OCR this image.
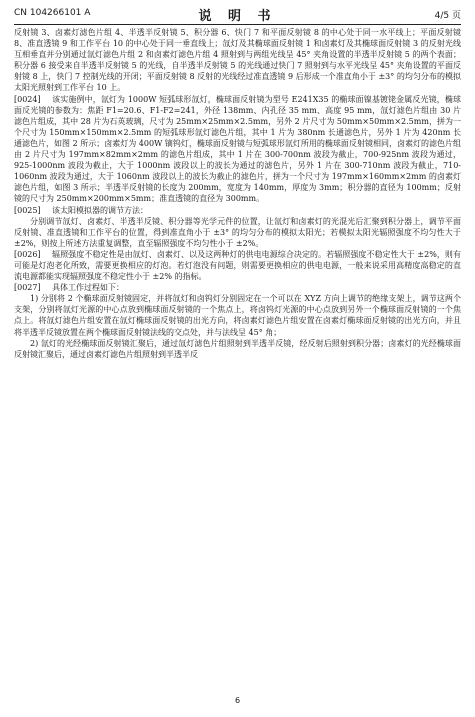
CN 104266101 A	说 明 书	4/5 页

反射镜 3、卤素灯滤色片组 4、半透半反射镜 5、积分器 6、快门 7 和平面反射镜 8 的中心处于同一水平线上；平面反射镜 8、准直透镜 9 和工作平台 10 的中心处于同一垂直线上；氙灯及其椭球面反射镜 1 和卤素灯及其椭球面反射镜 3 的反射光线互相垂直并分别通过氙灯滤色片组 2 和卤素灯滤色片组 4 照射到与两组光线呈 45° 夹角设置的半透半反射镜 5 的两个表面；积分器 6 接受来自半透半反射镜 5 的光线，自半透半反射镜 5 的光线通过快门 7 照射到与水平光线呈 45° 夹角设置的平面反射镜 8 上，快门 7 控制光线的开闭；平面反射镜 8 反射的光线经过准直透镜 9 后形成一个准直角小于 ±3° 的均匀分布的模拟太阳光照射到工作平台 10 上。

[0024] 该实施例中，氙灯为 1000W 短弧球形氙灯，椭球面反射镜为型号 E241X35 的椭球面镍基镀铑金属反光镜，椭球面反光镜的参数为：焦距 F1=20.6、F1-F2=241，外径 138mm、内孔径 35 mm、高度 95 mm，氙灯滤色片组由 30 片滤色片组成，其中 28 片为石英玻璃，尺寸为 25mm×25mm×2.5mm，另外 2 片尺寸为 50mm×50mm×2.5mm，拼为一个尺寸为 150mm×150mm×2.5mm 的短弧球形氙灯滤色片组，其中 1 片为 380nm 长通滤色片，另外 1 片为 420nm 长通滤色片，如图 2 所示；卤素灯为 400W 镝钨灯，椭球面反射镜与短弧球形氙灯所用的椭球面反射镜相同，卤素灯的滤色片组由 2 片尺寸为 197mm×82mm×2mm 的滤色片组成，其中 1 片在 300-700nm 波段为截止，700-925nm 波段为通过，925-1000nm 波段为截止，大于 1000nm 波段以上的波长为通过的滤色片，另外 1 片在 300-710nm 波段为截止，710-1060nm 波段为通过，大于 1060nm 波段以上的波长为截止的滤色片，拼为一个尺寸为 197mm×160mm×2mm 的卤素灯滤色片组，如图 3 所示；半透半反射镜的长度为 200mm，宽度为 140mm，厚度为 3mm；积分器的直径为 100mm；反射镜的尺寸为 250mm×200mm×5mm；准直透镜的直径为 300mm。

[0025] 该太阳模拟器的调节方法：

分别调节氙灯、卤素灯、半透半反镜、积分器等光学元件的位置，让氙灯和卤素灯的光混光后汇聚到积分器上，调节平面反射镜、准直透镜和工作平台的位置，得到准直角小于 ±3° 的均匀分布的模拟太阳光；若模拟太阳光辐照强度不均匀性大于 ±2%，则按上所述方法重复调整，直至辐照强度不均匀性小于 ±2%。

[0026] 辐照强度不稳定性是由氙灯、卤素灯、以及这两种灯的供电电源综合决定的。若辐照强度不稳定性大于 ±2%，则有可能是灯泡老化所致，需要更换相应的灯泡。若灯泡没有问题，则需要更换相应的供电电源，一般来说采用高精度高稳定的直流电源都能实现辐照强度不稳定性小于 ±2% 的指标。

[0027] 具体工作过程如下：

1) 分别将 2 个椭球面反射镜固定，并将氙灯和卤钨灯分别固定在一个可以在 XYZ 方向上调节的绝缘支架上，调节这两个支架，分别将氙灯光源的中心点放到椭球面反射镜的一个焦点上，将卤钨灯光源的中心点放到另外一个椭球面反射镜的一个焦点上。将氙灯滤色片组安置在氙灯椭球面反射镜的出光方向，将卤素灯滤色片组安置在卤素灯椭球面反射镜的出光方向，并且将半透半反镜放置在两个椭球面反射镜法线的交点处，并与法线呈 45° 角；

2) 氙灯的光经椭球面反射镜汇聚后，通过氙灯滤色片组照射到半透半反镜，经反射后照射到积分器；卤素灯的光经椭球面反射镜汇聚后，通过卤素灯滤色片组照射到半透半反

6
